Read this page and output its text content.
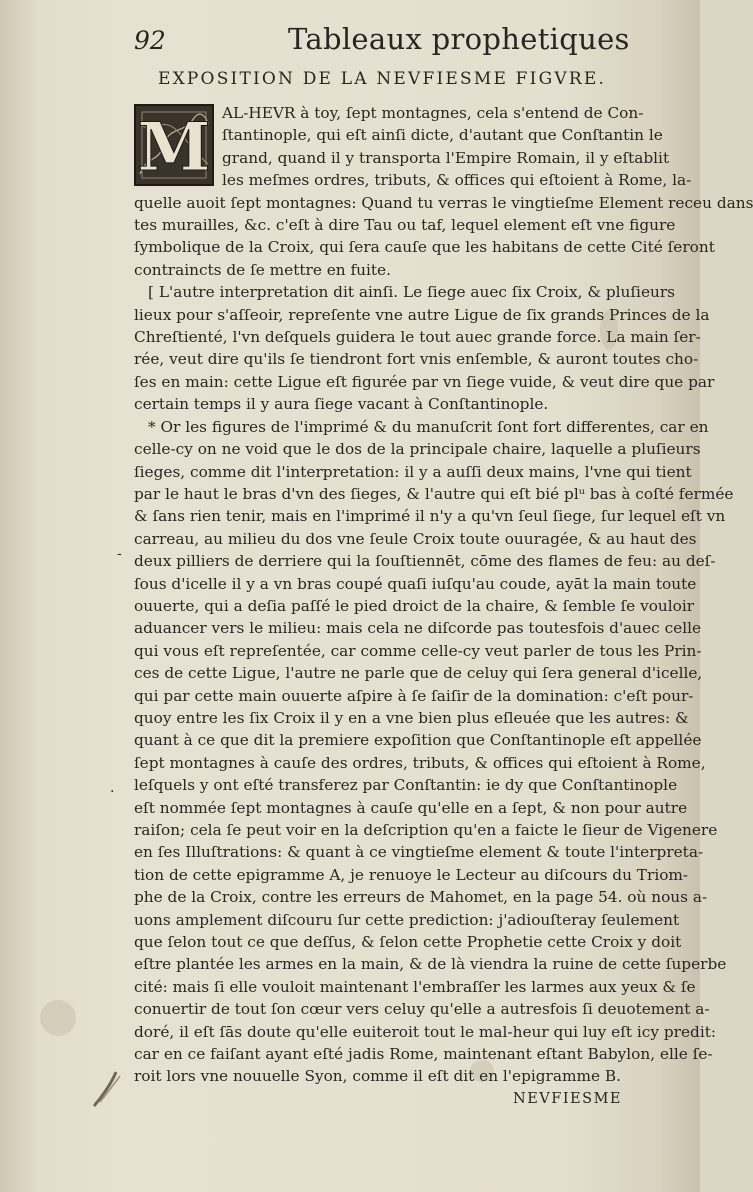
92	Tableaux prophetiques
EXPOSITION DE LA NEVFIESME FIGVRE.
-
.
M AL-HEVR à toy, ſept montagnes, cela s'entend de Con-
ſtantinople, qui eſt ainſi dicte, d'autant que Conſtantin le
grand, quand il y transporta l'Empire Romain, il y eſtablit
les meſmes ordres, tributs, & offices qui eſtoient à Rome, la-
quelle auoit ſept montagnes: Quand tu verras le vingtieſme Element receu dans
tes murailles, &c. c'eſt à dire Tau ou taf, lequel element eſt vne figure
ſymbolique de la Croix, qui ſera cauſe que les habitans de cette Cité ſeront
contraincts de ſe mettre en fuite.
[ L'autre interpretation dit ainſi. Le ſiege auec ſix Croix, & pluſieurs
lieux pour s'aſſeoir, repreſente vne autre Ligue de ſix grands Princes de la
Chreſtienté, l'vn deſquels guidera le tout auec grande force. La main ſer-
rée, veut dire qu'ils ſe tiendront fort vnis enſemble, & auront toutes cho-
ſes en main: cette Ligue eſt figurée par vn ſiege vuide, & veut dire que par
certain temps il y aura ſiege vacant à Conſtantinople.
* Or les figures de l'imprimé & du manuſcrit ſont fort differentes, car en
celle-cy on ne void que le dos de la principale chaire, laquelle a pluſieurs
ſieges, comme dit l'interpretation: il y a auſſi deux mains, l'vne qui tient
par le haut le bras d'vn des ſieges, & l'autre qui eſt bié plᵘ bas à coſté fermée
& ſans rien tenir, mais en l'imprimé il n'y a qu'vn ſeul ſiege, ſur lequel eſt vn
carreau, au milieu du dos vne ſeule Croix toute ouuragée, & au haut des
deux pilliers de derriere qui la ſouſtiennēt, cōme des flames de feu: au deſ-
ſous d'icelle il y a vn bras coupé quaſi iuſqu'au coude, ayāt la main toute
ouuerte, qui a deſia paſſé le pied droict de la chaire, & ſemble ſe vouloir
aduancer vers le milieu: mais cela ne diſcorde pas toutesfois d'auec celle
qui vous eſt repreſentée, car comme celle-cy veut parler de tous les Prin-
ces de cette Ligue, l'autre ne parle que de celuy qui ſera general d'icelle,
qui par cette main ouuerte aſpire à ſe ſaiſir de la domination: c'eſt pour-
quoy entre les ſix Croix il y en a vne bien plus eſleuée que les autres: &
quant à ce que dit la premiere expoſition que Conſtantinople eſt appellée
ſept montagnes à cauſe des ordres, tributs, & offices qui eſtoient à Rome,
leſquels y ont eſté transferez par Conſtantin: ie dy que Conſtantinople
eſt nommée ſept montagnes à cauſe qu'elle en a ſept, & non pour autre
raiſon; cela ſe peut voir en la deſcription qu'en a faicte le ſieur de Vigenere
en ſes Illuſtrations: & quant à ce vingtieſme element & toute l'interpreta-
tion de cette epigramme A, je renuoye le Lecteur au diſcours du Triom-
phe de la Croix, contre les erreurs de Mahomet, en la page 54. où nous a-
uons amplement diſcouru ſur cette prediction: j'adiouſteray ſeulement
que ſelon tout ce que deſſus, & ſelon cette Prophetie cette Croix y doit
eſtre plantée les armes en la main, & de là viendra la ruine de cette ſuperbe
cité: mais ſi elle vouloit maintenant l'embraſſer les larmes aux yeux & ſe
conuertir de tout ſon cœur vers celuy qu'elle a autresfois ſi deuotement a-
doré, il eſt ſās doute qu'elle euiteroit tout le mal-heur qui luy eſt icy predit:
car en ce faiſant ayant eſté jadis Rome, maintenant eſtant Babylon, elle ſe-
roit lors vne nouuelle Syon, comme il eſt dit en l'epigramme B.
NEVFIESME
